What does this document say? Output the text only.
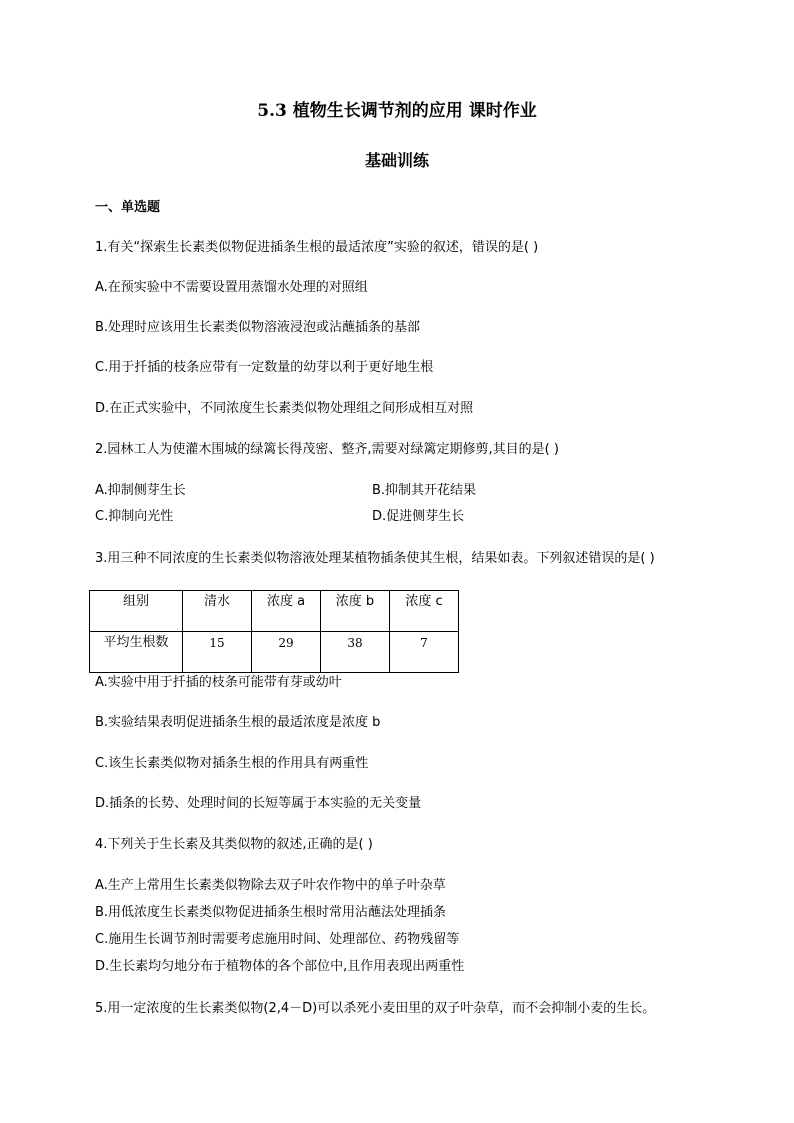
5.3 植物生长调节剂的应用 课时作业
基础训练
一、单选题
1.有关“探索生长素类似物促进插条生根的最适浓度”实验的叙述，错误的是( )
A.在预实验中不需要设置用蒸馏水处理的对照组
B.处理时应该用生长素类似物溶液浸泡或沾蘸插条的基部
C.用于扦插的枝条应带有一定数量的幼芽以利于更好地生根
D.在正式实验中，不同浓度生长素类似物处理组之间形成相互对照
2.园林工人为使灌木围城的绿篱长得茂密、整齐,需要对绿篱定期修剪,其目的是( )
A.抑制侧芽生长	B.抑制其开花结果
C.抑制向光性	D.促进侧芽生长
3.用三种不同浓度的生长素类似物溶液处理某植物插条使其生根，结果如表。下列叙述错误的是( )
组别	清水	浓度 a	浓度 b	浓度 c
平均生根数	15	29	38	7
A.实验中用于扦插的枝条可能带有芽或幼叶
B.实验结果表明促进插条生根的最适浓度是浓度 b
C.该生长素类似物对插条生根的作用具有两重性
D.插条的长势、处理时间的长短等属于本实验的无关变量
4.下列关于生长素及其类似物的叙述,正确的是( )
A.生产上常用生长素类似物除去双子叶农作物中的单子叶杂草
B.用低浓度生长素类似物促进插条生根时常用沾蘸法处理插条
C.施用生长调节剂时需要考虑施用时间、处理部位、药物残留等
D.生长素均匀地分布于植物体的各个部位中,且作用表现出两重性
5.用一定浓度的生长素类似物(2,4－D)可以杀死小麦田里的双子叶杂草，而不会抑制小麦的生长。
